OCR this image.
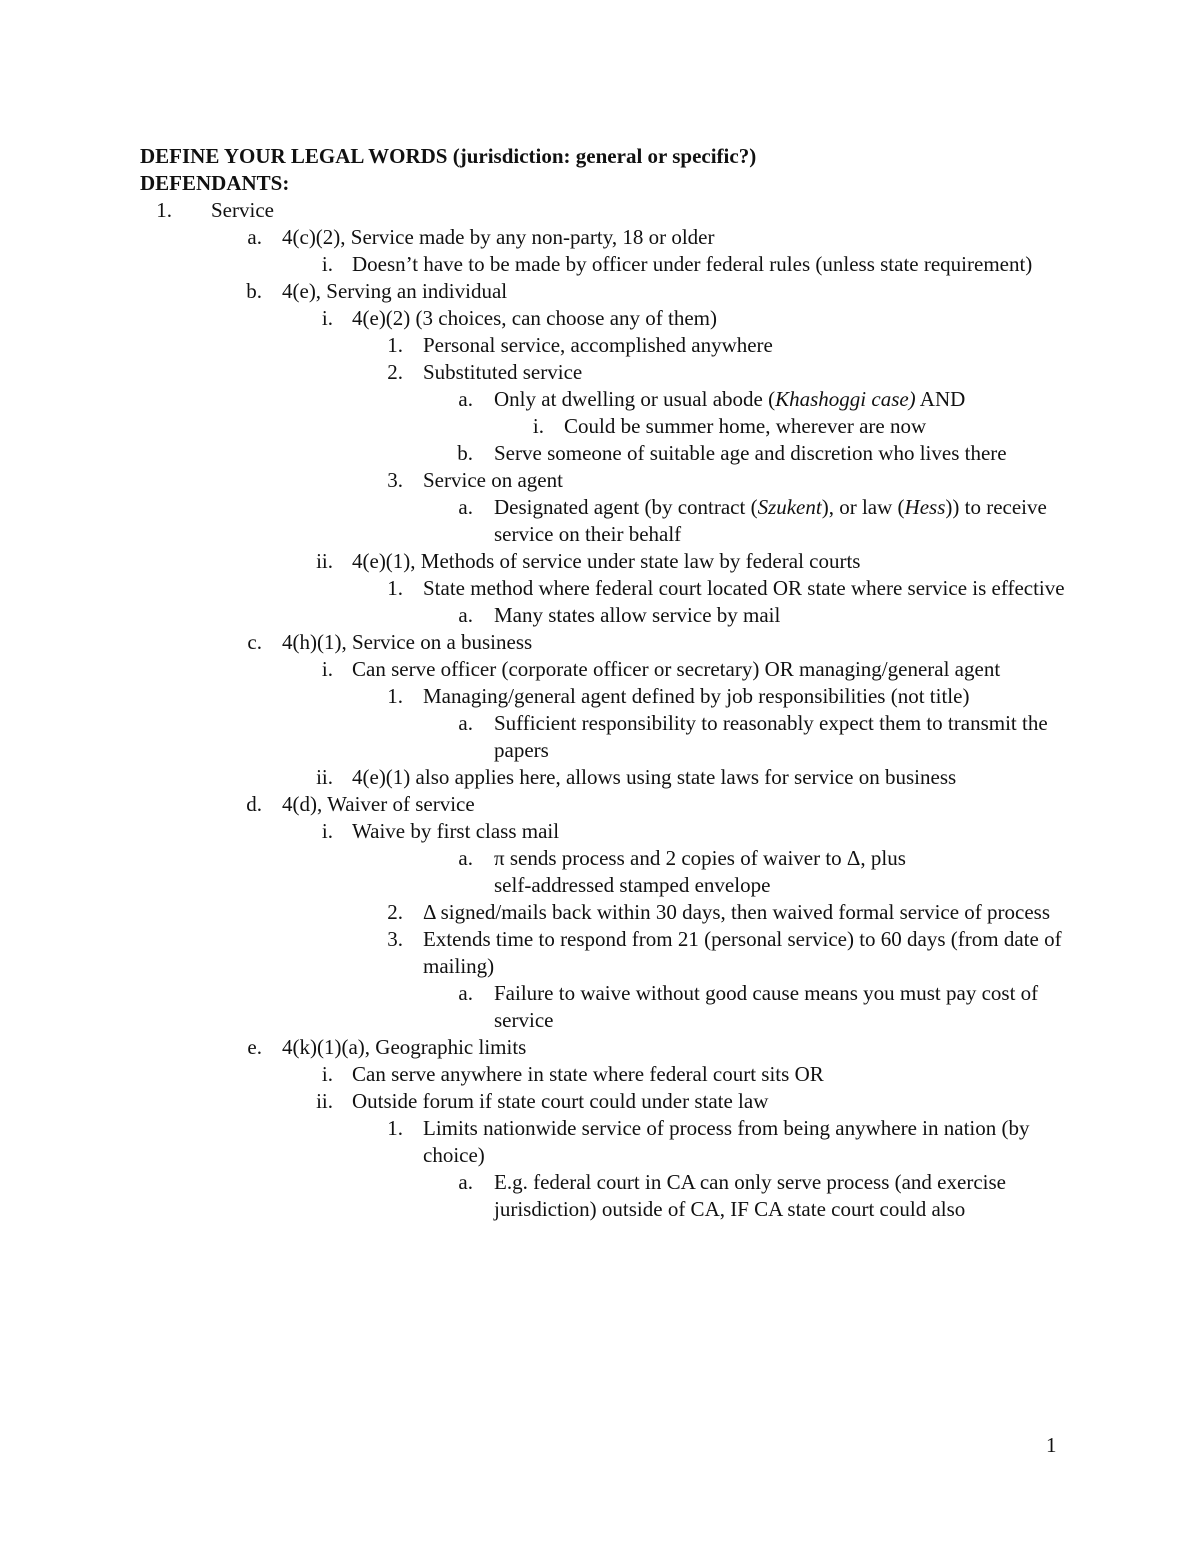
DEFINE YOUR LEGAL WORDS (jurisdiction: general or specific?)
DEFENDANTS:
1. Service
a. 4(c)(2), Service made by any non-party, 18 or older
i. Doesn’t have to be made by officer under federal rules (unless state requirement)
b. 4(e), Serving an individual
i. 4(e)(2) (3 choices, can choose any of them)
1. Personal service, accomplished anywhere
2. Substituted service
a. Only at dwelling or usual abode (Khashoggi case) AND
i. Could be summer home, wherever are now
b. Serve someone of suitable age and discretion who lives there
3. Service on agent
a. Designated agent (by contract (Szukent), or law (Hess)) to receive service on their behalf
ii. 4(e)(1), Methods of service under state law by federal courts
1. State method where federal court located OR state where service is effective
a. Many states allow service by mail
c. 4(h)(1), Service on a business
i. Can serve officer (corporate officer or secretary) OR managing/general agent
1. Managing/general agent defined by job responsibilities (not title)
a. Sufficient responsibility to reasonably expect them to transmit the papers
ii. 4(e)(1) also applies here, allows using state laws for service on business
d. 4(d), Waiver of service
i. Waive by first class mail
a. π sends process and 2 copies of waiver to Δ, plus
self-addressed stamped envelope
2. Δ signed/mails back within 30 days, then waived formal service of process
3. Extends time to respond from 21 (personal service) to 60 days (from date of mailing)
a. Failure to waive without good cause means you must pay cost of service
e. 4(k)(1)(a), Geographic limits
i. Can serve anywhere in state where federal court sits OR
ii. Outside forum if state court could under state law
1. Limits nationwide service of process from being anywhere in nation (by choice)
a. E.g. federal court in CA can only serve process (and exercise jurisdiction) outside of CA, IF CA state court could also
1
